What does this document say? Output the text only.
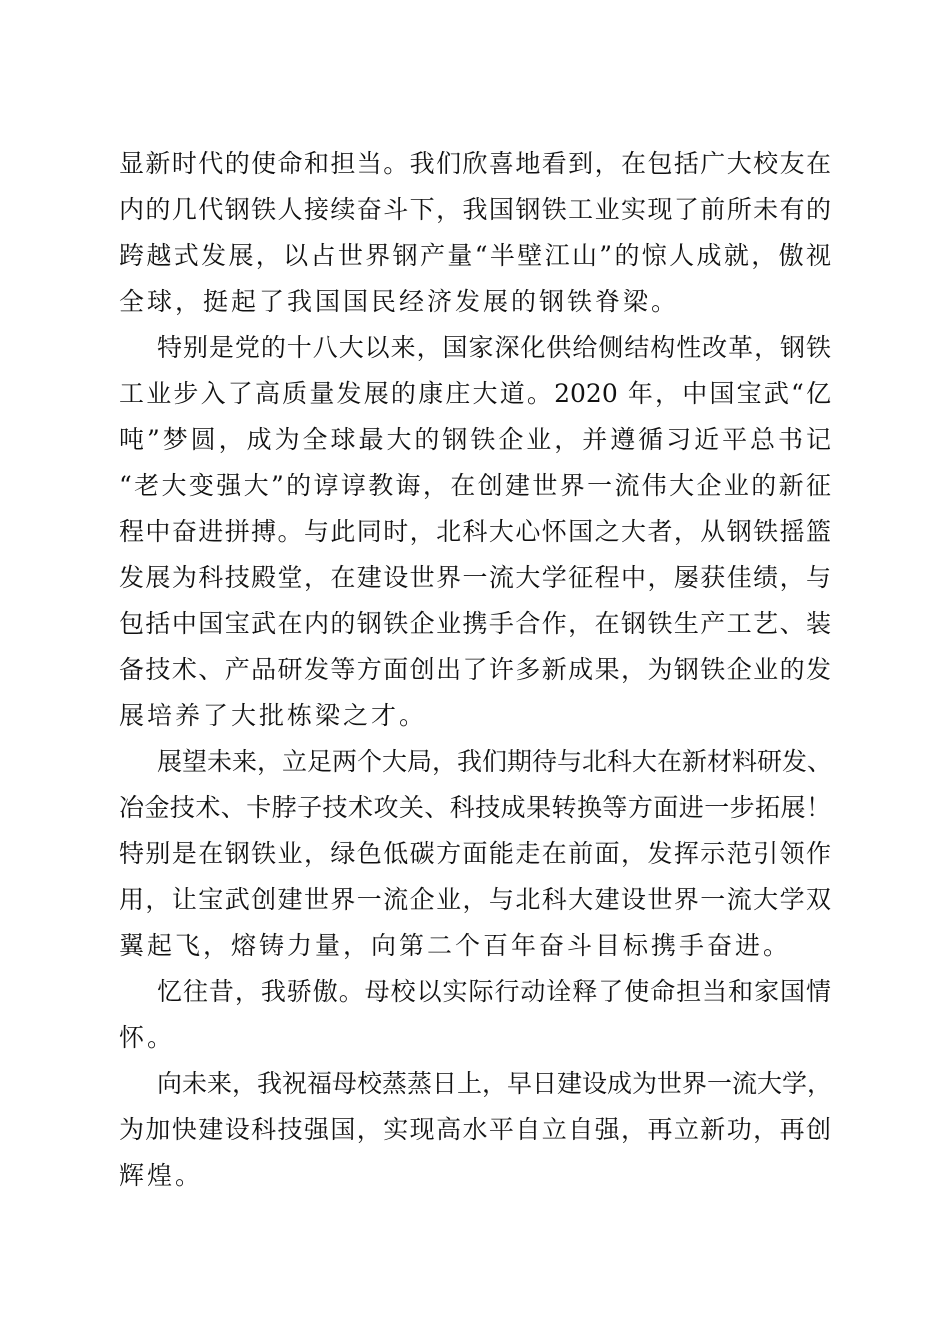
显新时代的使命和担当。我们欣喜地看到，在包括广大校友在
内的几代钢铁人接续奋斗下，我国钢铁工业实现了前所未有的
跨越式发展，以占世界钢产量“半壁江山”的惊人成就，傲视
全球，挺起了我国国民经济发展的钢铁脊梁。
特别是党的十八大以来，国家深化供给侧结构性改革，钢铁
工业步入了高质量发展的康庄大道。2020 年，中国宝武“亿
吨”梦圆，成为全球最大的钢铁企业，并遵循习近平总书记
“老大变强大”的谆谆教诲，在创建世界一流伟大企业的新征
程中奋进拼搏。与此同时，北科大心怀国之大者，从钢铁摇篮
发展为科技殿堂，在建设世界一流大学征程中，屡获佳绩，与
包括中国宝武在内的钢铁企业携手合作，在钢铁生产工艺、装
备技术、产品研发等方面创出了许多新成果，为钢铁企业的发
展培养了大批栋梁之才。
展望未来，立足两个大局，我们期待与北科大在新材料研发、
冶金技术、卡脖子技术攻关、科技成果转换等方面进一步拓展！
特别是在钢铁业，绿色低碳方面能走在前面，发挥示范引领作
用，让宝武创建世界一流企业，与北科大建设世界一流大学双
翼起飞，熔铸力量，向第二个百年奋斗目标携手奋进。
忆往昔，我骄傲。母校以实际行动诠释了使命担当和家国情
怀。
向未来，我祝福母校蒸蒸日上，早日建设成为世界一流大学，
为加快建设科技强国，实现高水平自立自强，再立新功，再创
辉煌。
